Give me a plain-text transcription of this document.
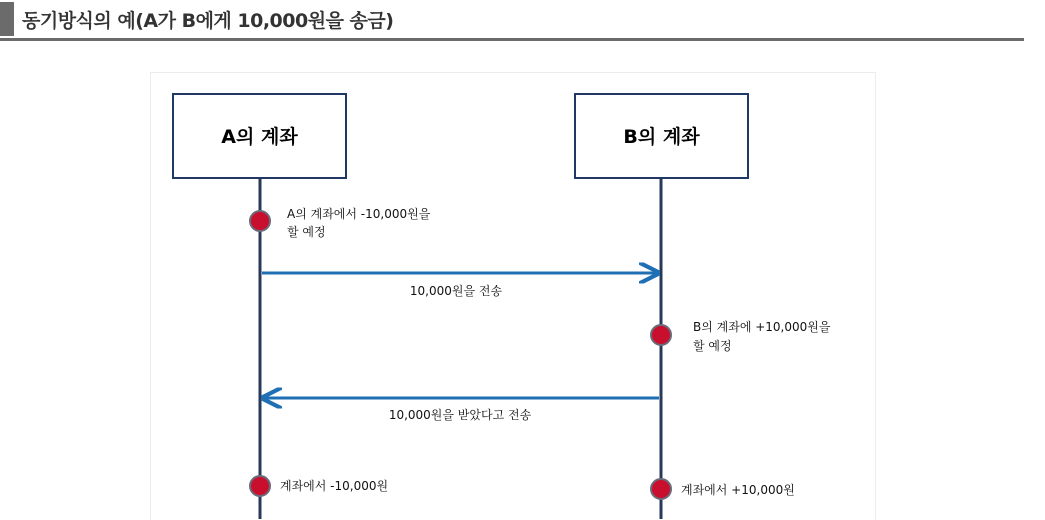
동기방식의 예(A가 B에게 10,000원을 송금)
A의 계좌	B의 계좌
A의 계좌에서 -10,000원을
할 예정
10,000원을 전송
B의 계좌에 +10,000원을
할 예정
10,000원을 받았다고 전송
계좌에서 -10,000원	계좌에서 +10,000원
